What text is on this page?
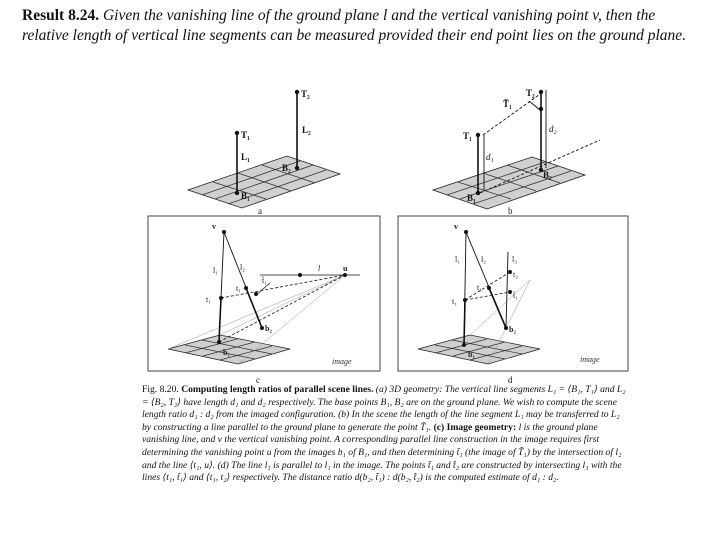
Result 8.24. Given the vanishing line of the ground plane l and the vertical vanishing point v, then the relative length of vertical line segments can be measured provided their end point lies on the ground plane.
T₂
L₂
T₁
L₁
B₂
B₁
a
T₂
T̃₁
T₁
d₂
d₁
B₂
B₁
b
v
l₁	l₂	l	u
t̃₁
t₁
t₁
b₂
b₁
image
c
v
l₁	l₂	l₃
t₂
t̃₁
t₁
t₁
b₂
b₁
image
d
Fig. 8.20. Computing length ratios of parallel scene lines. (a) 3D geometry: The vertical line segments L₁ = ⟨B₁, T₁⟩ and L₂ = ⟨B₂, T₂⟩ have length d₁ and d₂ respectively. The base points B₁, B₂ are on the ground plane. We wish to compute the scene length ratio d₁ : d₂ from the imaged configuration. (b) In the scene the length of the line segment L₁ may be transferred to L₂ by constructing a line parallel to the ground plane to generate the point T̃₁. (c) Image geometry: l is the ground plane vanishing line, and v the vertical vanishing point. A corresponding parallel line construction in the image requires first determining the vanishing point u from the images b₁ of B₁, and then determining t̃₁ (the image of T̃₁) by the intersection of l₂ and the line ⟨t₁, u⟩. (d) The line l₃ is parallel to l₁ in the image. The points t̃₁ and t̂₂ are constructed by intersecting l₃ with the lines ⟨t₁, t̃₁⟩ and ⟨t₁, t₂⟩ respectively. The distance ratio d(b₂, t̃₁) : d(b₂, t̂₂) is the computed estimate of d₁ : d₂.
